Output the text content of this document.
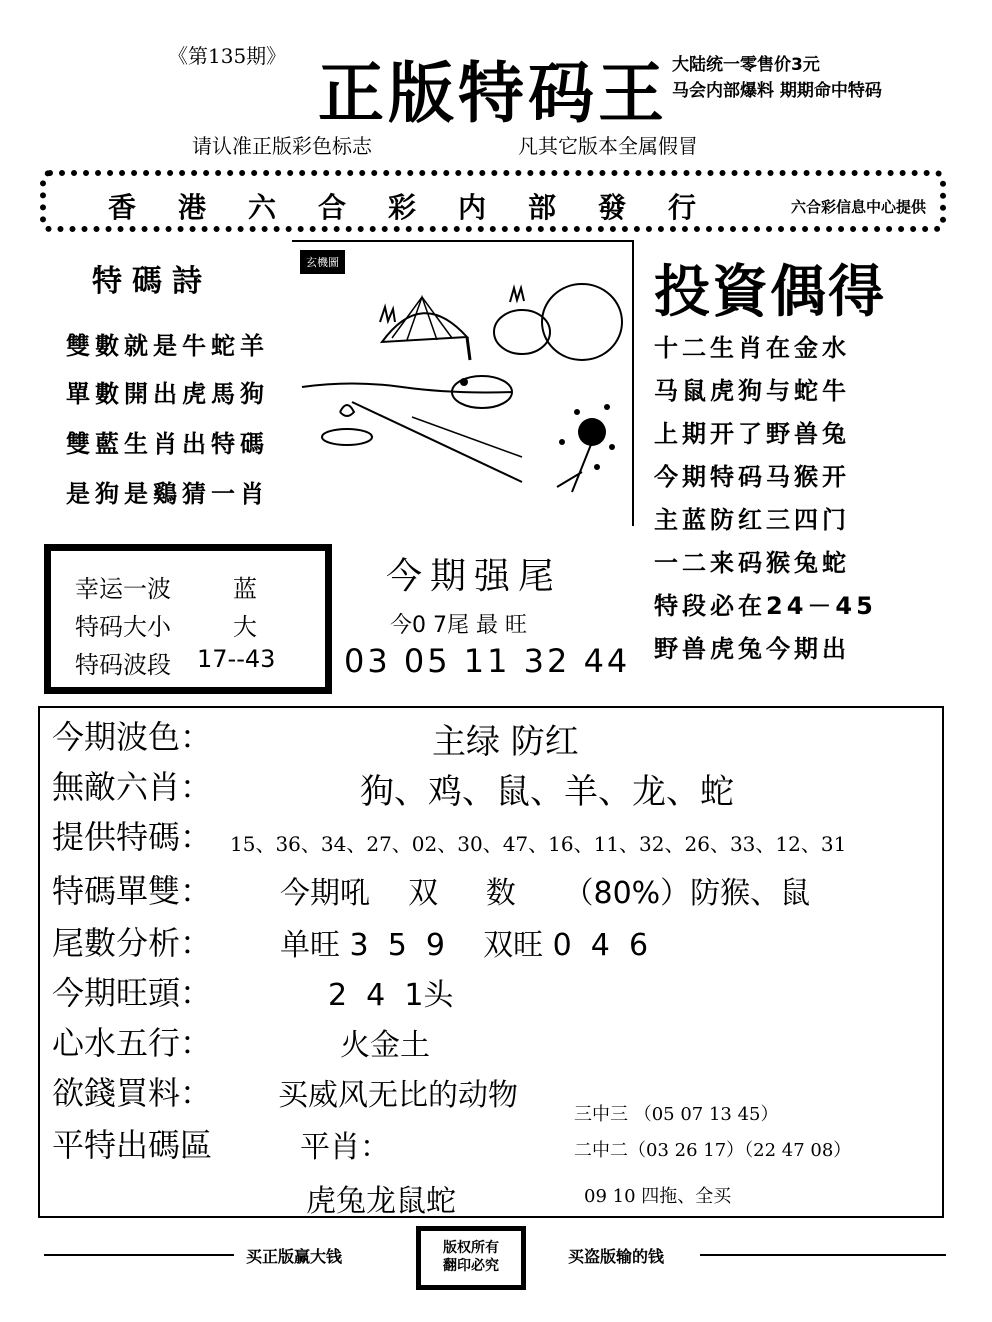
《第135期》 正版特码王 大陆统一零售价3元
马会内部爆料 期期命中特码
请认准正版彩色标志	凡其它版本全属假冒
香港六合彩内部發行	六合彩信息中心提供
特碼詩
雙數就是牛蛇羊
單數開出虎馬狗
雙藍生肖出特碼
是狗是鷄猜一肖
玄機圖	投資偶得
十二生肖在金水
马鼠虎狗与蛇牛
上期开了野兽兔
今期特码马猴开
主蓝防红三四门
一二来码猴兔蛇
特段必在24－45
野兽虎兔今期出
幸运一波	蓝
特码大小	大
特码波段 17--43
今期强尾
今0 7尾 最 旺
03 05 11 32 44
今期波色：	主绿 防红
無敵六肖：	狗、鸡、鼠、羊、龙、蛇
提供特碼： 15、36、34、27、02、30、47、16、11、32、26、33、12、31
特碼單雙： 今期吼    双     数     （80%）防猴、鼠
尾數分析： 单旺 3  5  9    双旺 0  4  6
今期旺頭：	2  4  1头
心水五行：	火金土
欲錢買料： 买威风无比的动物
三中三 （05 07 13 45）
平特出碼區	平肖：	二中二（03 26 17）（22 47 08）
虎兔龙鼠蛇	09 10 四拖、全买
买正版赢大钱	版权所有
翻印必究	买盗版输的钱
